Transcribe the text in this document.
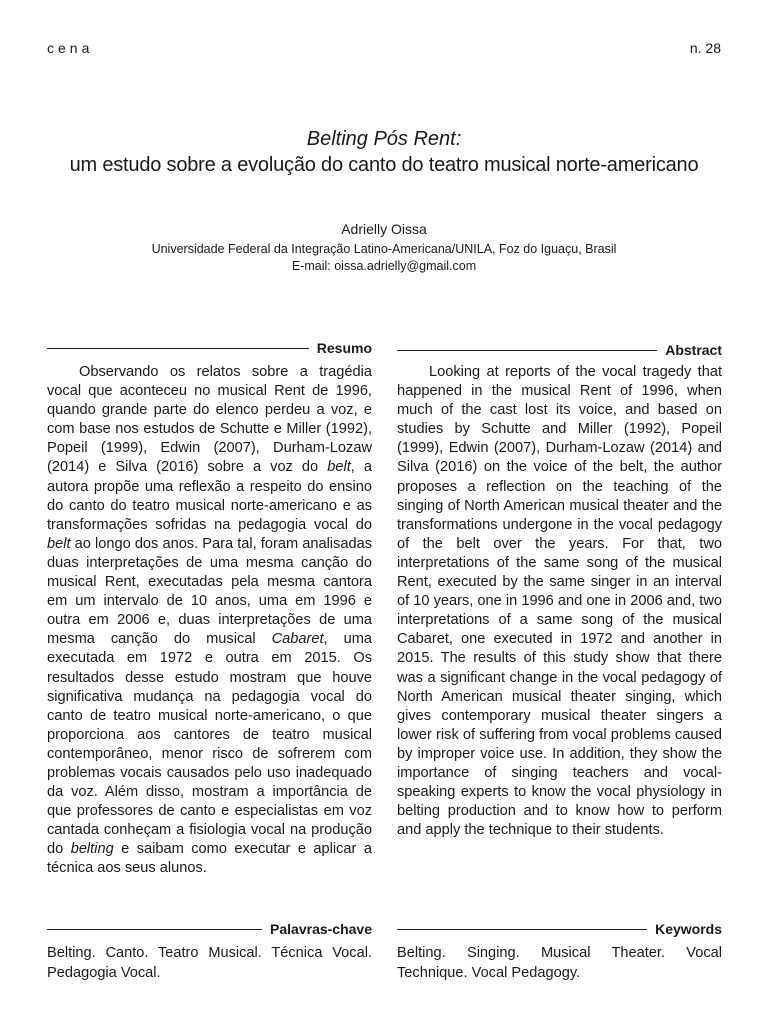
cena	n. 28
Belting Pós Rent:
um estudo sobre a evolução do canto do teatro musical norte-americano
Adrielly Oissa
Universidade Federal da Integração Latino-Americana/UNILA, Foz do Iguaçu, Brasil
E-mail: oissa.adrielly@gmail.com
Resumo

Observando os relatos sobre a tragédia vocal que aconteceu no musical Rent de 1996, quando grande parte do elenco perdeu a voz, e com base nos estudos de Schutte e Miller (1992), Popeil (1999), Edwin (2007), Durham-Lozaw (2014) e Silva (2016) sobre a voz do belt, a autora propõe uma reflexão a respeito do ensino do canto do teatro musical norte-americano e as transformações sofridas na pedagogia vocal do belt ao longo dos anos. Para tal, foram analisadas duas interpretações de uma mesma canção do musical Rent, executadas pela mesma cantora em um intervalo de 10 anos, uma em 1996 e outra em 2006 e, duas interpretações de uma mesma canção do musical Cabaret, uma executada em 1972 e outra em 2015. Os resultados desse estudo mostram que houve significativa mudança na pedagogia vocal do canto de teatro musical norte-americano, o que proporciona aos cantores de teatro musical contemporâneo, menor risco de sofrerem com problemas vocais causados pelo uso inadequado da voz. Além disso, mostram a importância de que professores de canto e especialistas em voz cantada conheçam a fisiologia vocal na produção do belting e saibam como executar e aplicar a técnica aos seus alunos.

Palavras-chave

Belting. Canto. Teatro Musical. Técnica Vocal. Pedagogia Vocal.

Abstract

Looking at reports of the vocal tragedy that happened in the musical Rent of 1996, when much of the cast lost its voice, and based on studies by Schutte and Miller (1992), Popeil (1999), Edwin (2007), Durham-Lozaw (2014) and Silva (2016) on the voice of the belt, the author proposes a reflection on the teaching of the singing of North American musical theater and the transformations undergone in the vocal pedagogy of the belt over the years. For that, two interpretations of the same song of the musical Rent, executed by the same singer in an interval of 10 years, one in 1996 and one in 2006 and, two interpretations of a same song of the musical Cabaret, one executed in 1972 and another in 2015. The results of this study show that there was a significant change in the vocal pedagogy of North American musical theater singing, which gives contemporary musical theater singers a lower risk of suffering from vocal problems caused by improper voice use. In addition, they show the importance of singing teachers and vocal-speaking experts to know the vocal physiology in belting production and to know how to perform and apply the technique to their students.

Keywords

Belting. Singing. Musical Theater. Vocal Technique. Vocal Pedagogy.
